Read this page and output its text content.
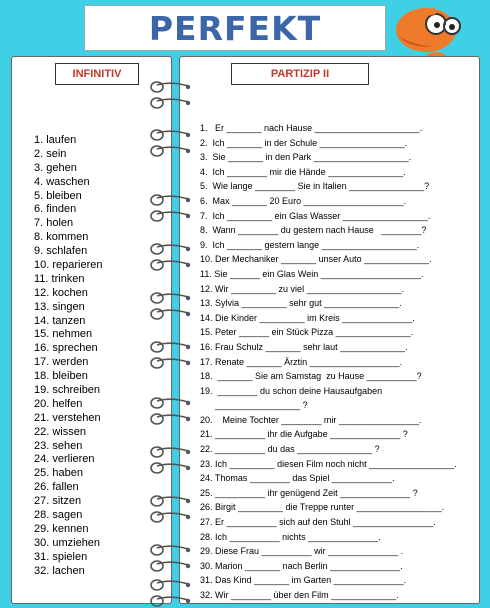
PERFEKT
INFINITIV	PARTIZIP II
1. laufen
2. sein
3. gehen
4. waschen
5. bleiben
6. finden
7. holen
8. kommen
9. schlafen
10. reparieren
11. trinken
12. kochen
13. singen
14. tanzen
15. nehmen
16. sprechen
17. werden
18. bleiben
19. schreiben
20. helfen
21. verstehen
22. wissen
23. sehen
24. verlieren
25. haben
26. fallen
27. sitzen
28. sagen
29. kennen
30. umziehen
31. spielen
32. lachen
1.   Er _______ nach Hause _____________________.
2.  Ich _______ in der Schule _________________.
3.  Sie _______ in den Park ___________________.
4.  Ich ________ mir die Hände _______________.
5.  Wie lange ________ Sie in Italien _______________?
6.  Max _______ 20 Euro ____________________.
7.  Ich _________ ein Glas Wasser _________________.
8.  Wann ________ du gestern nach Hause   ________?
9.  Ich _______ gestern lange ___________________.
10. Der Mechaniker _______ unser Auto _____________.
11. Sie ______ ein Glas Wein ____________________.
12. Wir _________ zu viel ___________________.
13. Sylvia _________ sehr gut _______________.
14. Die Kinder _________ im Kreis ______________.
15. Peter ______ ein Stück Pizza _______________.
16. Frau Schulz _______ sehr laut _____________.
17. Renate _______ Ärztin __________________.
18.  _______ Sie am Samstag  zu Hause __________?
19.  ________ du schon deine Hausaufgaben
_________________ ?
20.    Meine Tochter ________ mir ________________.
21. __________ ihr die Aufgabe ______________ ?
22. __________ du das _______________ ?
23. Ich _________ diesen Film noch nicht _________________.
24. Thomas ________ das Spiel ____________.
25. __________ ihr genügend Zeit ______________ ?
26. Birgit _________ die Treppe runter _________________.
27. Er __________ sich auf den Stuhl ________________.
28. Ich __________ nichts ______________.
29. Diese Frau __________ wir ______________ .
30. Marion _______ nach Berlin ______________.
31. Das Kind _______ im Garten ______________.
32. Wir ________ über den Film _____________.
